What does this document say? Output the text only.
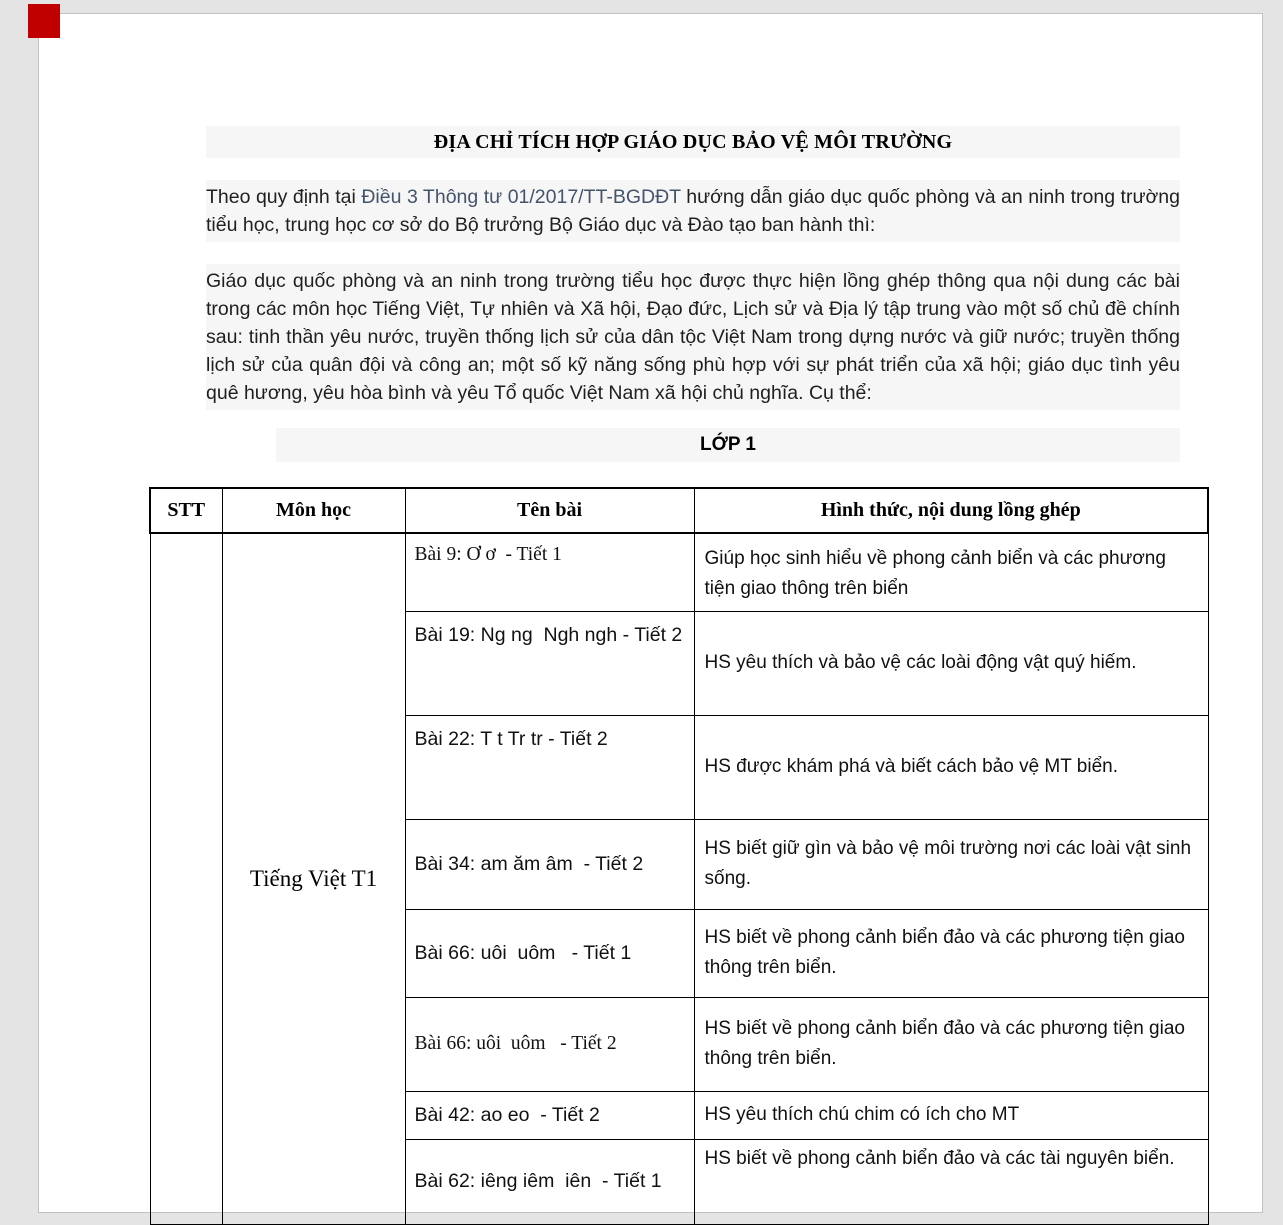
ĐỊA CHỈ TÍCH HỢP GIÁO DỤC BẢO VỆ MÔI TRƯỜNG
Theo quy định tại Điều 3 Thông tư 01/2017/TT-BGDĐT hướng dẫn giáo dục quốc phòng và an ninh trong trường tiểu học, trung học cơ sở do Bộ trưởng Bộ Giáo dục và Đào tạo ban hành thì:
Giáo dục quốc phòng và an ninh trong trường tiểu học được thực hiện lồng ghép thông qua nội dung các bài trong các môn học Tiếng Việt, Tự nhiên và Xã hội, Đạo đức, Lịch sử và Địa lý tập trung vào một số chủ đề chính sau: tinh thần yêu nước, truyền thống lịch sử của dân tộc Việt Nam trong dựng nước và giữ nước; truyền thống lịch sử của quân đội và công an; một số kỹ năng sống phù hợp với sự phát triển của xã hội; giáo dục tình yêu quê hương, yêu hòa bình và yêu Tổ quốc Việt Nam xã hội chủ nghĩa. Cụ thể:
LỚP 1
STT	Môn học	Tên bài	Hình thức, nội dung lồng ghép
	Tiếng Việt T1	Bài 9: Ơ ơ  - Tiết 1	Giúp học sinh hiểu về phong cảnh biển và các phương tiện giao thông trên biển
		Bài 19: Ng ng  Ngh ngh - Tiết 2	HS yêu thích và bảo vệ các loài động vật quý hiếm.
		Bài 22: T t Tr tr - Tiết 2	HS được khám phá và biết cách bảo vệ MT biển.
		Bài 34: am ăm âm  - Tiết 2	HS biết giữ gìn và bảo vệ môi trường nơi các loài vật sinh sống.
		Bài 66: uôi  uôm   - Tiết 1	HS biết về phong cảnh biển đảo và các phương tiện giao thông trên biển.
		Bài 66: uôi  uôm   - Tiết 2	HS biết về phong cảnh biển đảo và các phương tiện giao thông trên biển.
		Bài 42: ao eo  - Tiết 2	HS yêu thích chú chim có ích cho MT
		Bài 62: iêng iêm  iên  - Tiết 1	HS biết về phong cảnh biển đảo và các tài nguyên biển.
